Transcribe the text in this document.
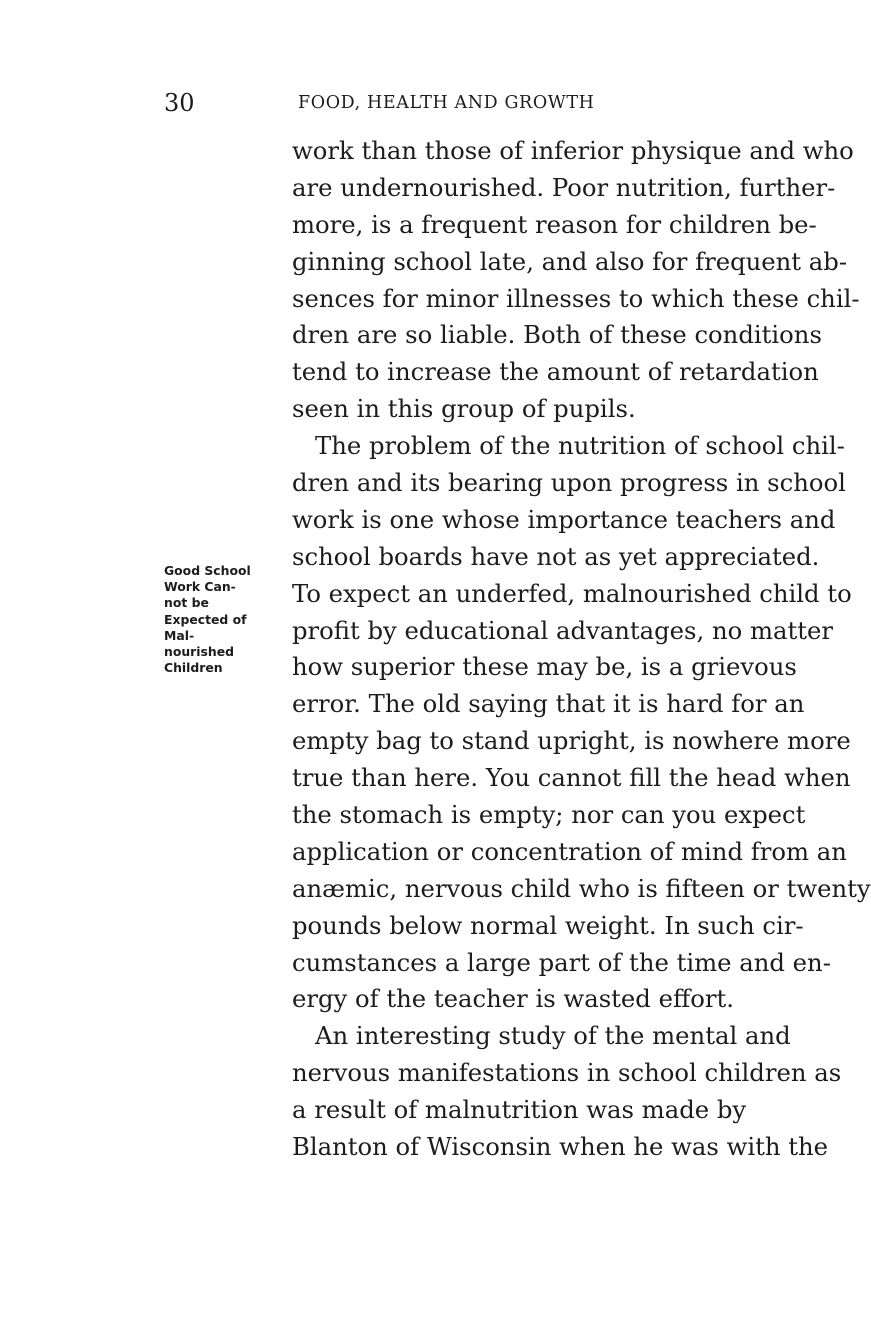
30	FOOD, HEALTH AND GROWTH
Good School
Work Can-
not be
Expected of
Mal-
nourished
Children
work than those of inferior physique and who
are undernourished. Poor nutrition, further-
more, is a frequent reason for children be-
ginning school late, and also for frequent ab-
sences for minor illnesses to which these chil-
dren are so liable. Both of these conditions
tend to increase the amount of retardation
seen in this group of pupils.
The problem of the nutrition of school chil-
dren and its bearing upon progress in school
work is one whose importance teachers and
school boards have not as yet appreciated.
To expect an underfed, malnourished child to
profit by educational advantages, no matter
how superior these may be, is a grievous
error. The old saying that it is hard for an
empty bag to stand upright, is nowhere more
true than here. You cannot fill the head when
the stomach is empty; nor can you expect
application or concentration of mind from an
anæmic, nervous child who is fifteen or twenty
pounds below normal weight. In such cir-
cumstances a large part of the time and en-
ergy of the teacher is wasted effort.
An interesting study of the mental and
nervous manifestations in school children as
a result of malnutrition was made by
Blanton of Wisconsin when he was with the
